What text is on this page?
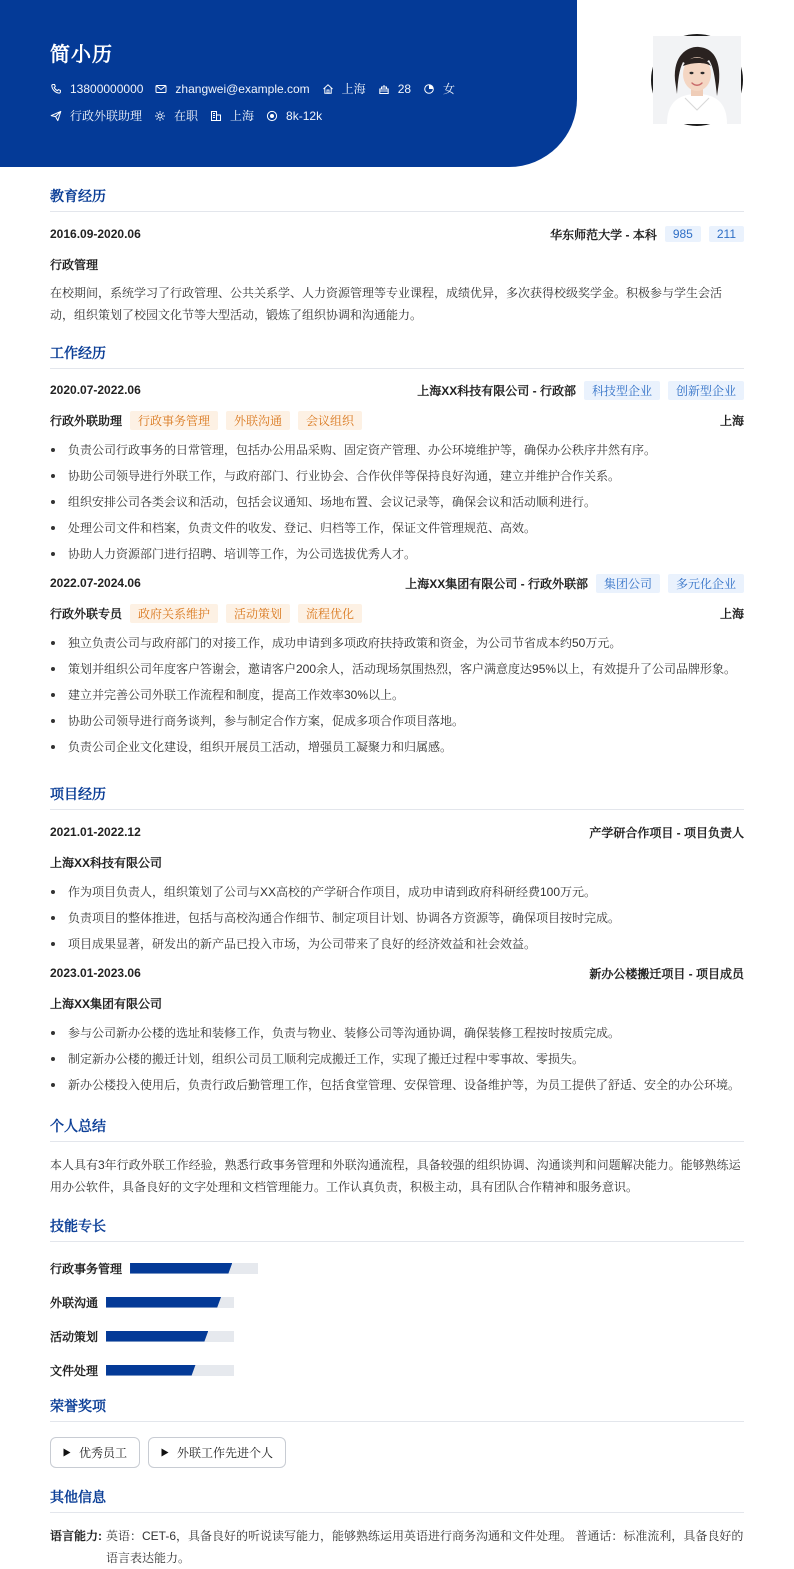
简小历
13800000000	zhangwei@example.com	上海	28	女
行政外联助理	在职	上海	8k-12k
教育经历
2016.09-2020.06	华东师范大学 - 本科	985	211
行政管理
在校期间，系统学习了行政管理、公共关系学、人力资源管理等专业课程，成绩优异，多次获得校级奖学金。积极参与学生会活动，组织策划了校园文化节等大型活动，锻炼了组织协调和沟通能力。
工作经历
2020.07-2022.06	上海XX科技有限公司 - 行政部	科技型企业	创新型企业
行政外联助理	行政事务管理	外联沟通	会议组织	上海
负责公司行政事务的日常管理，包括办公用品采购、固定资产管理、办公环境维护等，确保办公秩序井然有序。
协助公司领导进行外联工作，与政府部门、行业协会、合作伙伴等保持良好沟通，建立并维护合作关系。
组织安排公司各类会议和活动，包括会议通知、场地布置、会议记录等，确保会议和活动顺利进行。
处理公司文件和档案，负责文件的收发、登记、归档等工作，保证文件管理规范、高效。
协助人力资源部门进行招聘、培训等工作，为公司选拔优秀人才。
2022.07-2024.06	上海XX集团有限公司 - 行政外联部	集团公司	多元化企业
行政外联专员	政府关系维护	活动策划	流程优化	上海
独立负责公司与政府部门的对接工作，成功申请到多项政府扶持政策和资金，为公司节省成本约50万元。
策划并组织公司年度客户答谢会，邀请客户200余人，活动现场氛围热烈，客户满意度达95%以上，有效提升了公司品牌形象。
建立并完善公司外联工作流程和制度，提高工作效率30%以上。
协助公司领导进行商务谈判，参与制定合作方案，促成多项合作项目落地。
负责公司企业文化建设，组织开展员工活动，增强员工凝聚力和归属感。
项目经历
2021.01-2022.12	产学研合作项目 - 项目负责人
上海XX科技有限公司
作为项目负责人，组织策划了公司与XX高校的产学研合作项目，成功申请到政府科研经费100万元。
负责项目的整体推进，包括与高校沟通合作细节、制定项目计划、协调各方资源等，确保项目按时完成。
项目成果显著，研发出的新产品已投入市场，为公司带来了良好的经济效益和社会效益。
2023.01-2023.06	新办公楼搬迁项目 - 项目成员
上海XX集团有限公司
参与公司新办公楼的选址和装修工作，负责与物业、装修公司等沟通协调，确保装修工程按时按质完成。
制定新办公楼的搬迁计划，组织公司员工顺利完成搬迁工作，实现了搬迁过程中零事故、零损失。
新办公楼投入使用后，负责行政后勤管理工作，包括食堂管理、安保管理、设备维护等，为员工提供了舒适、安全的办公环境。
个人总结
本人具有3年行政外联工作经验，熟悉行政事务管理和外联沟通流程，具备较强的组织协调、沟通谈判和问题解决能力。能够熟练运用办公软件，具备良好的文字处理和文档管理能力。工作认真负责，积极主动，具有团队合作精神和服务意识。
技能专长
行政事务管理
外联沟通
活动策划
文件处理
荣誉奖项
优秀员工	外联工作先进个人
其他信息
语言能力: 英语：CET-6，具备良好的听说读写能力，能够熟练运用英语进行商务沟通和文件处理。 普通话：标准流利，具备良好的语言表达能力。
